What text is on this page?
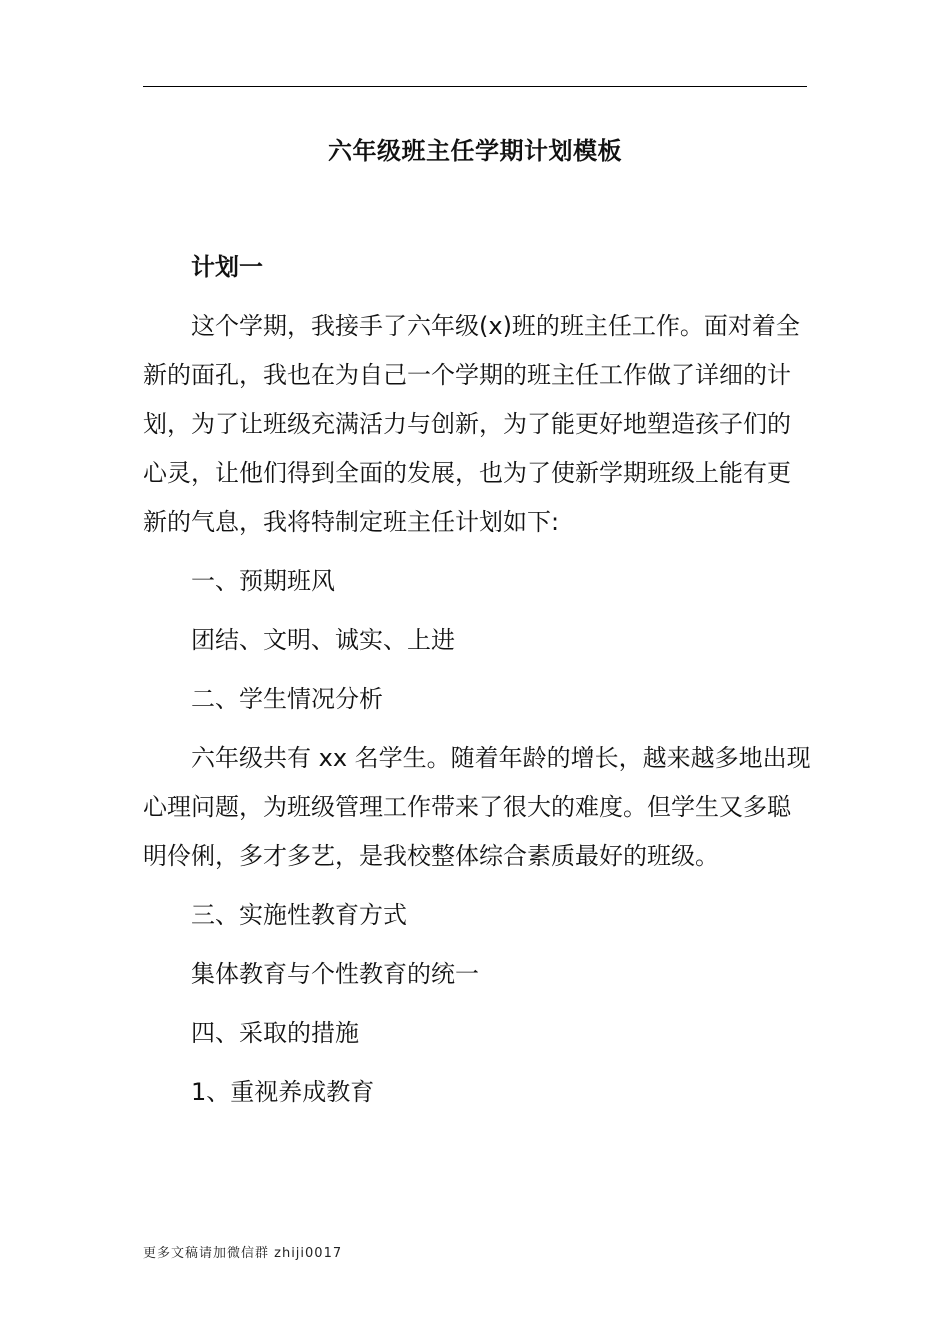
六年级班主任学期计划模板
计划一
这个学期，我接手了六年级(x)班的班主任工作。面对着全
新的面孔，我也在为自己一个学期的班主任工作做了详细的计
划，为了让班级充满活力与创新，为了能更好地塑造孩子们的
心灵，让他们得到全面的发展，也为了使新学期班级上能有更
新的气息，我将特制定班主任计划如下:
一、预期班风
团结、文明、诚实、上进
二、学生情况分析
六年级共有 xx 名学生。随着年龄的增长，越来越多地出现
心理问题，为班级管理工作带来了很大的难度。但学生又多聪
明伶俐，多才多艺，是我校整体综合素质最好的班级。
三、实施性教育方式
集体教育与个性教育的统一
四、采取的措施
1、重视养成教育
更多文稿请加微信群 zhiji0017
